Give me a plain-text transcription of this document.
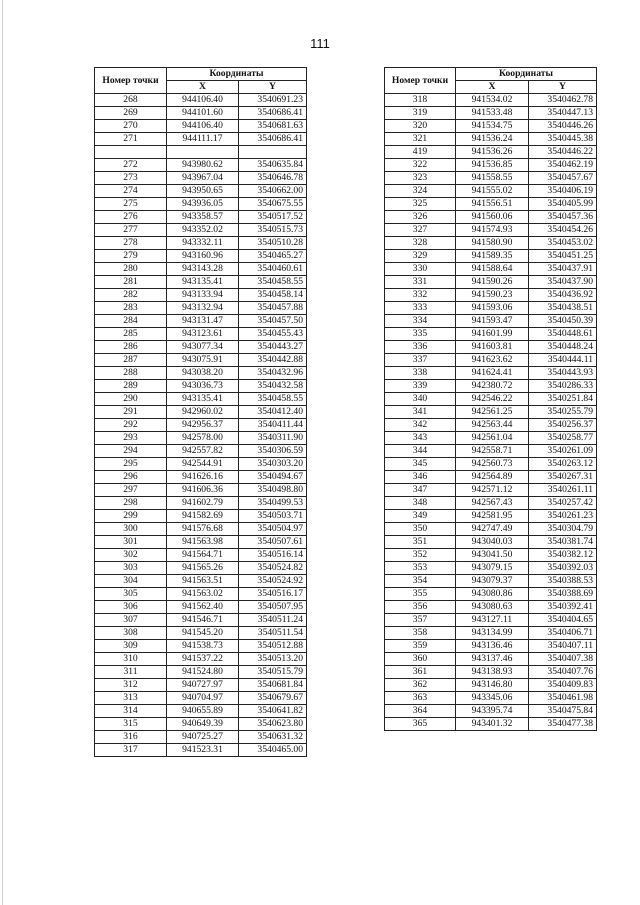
111
Номер точки	Координаты	
	X	Y
268	944106.40	3540691.23
269	944101.60	3540686.41
270	944106.40	3540681.63
271	944111.17	3540686.41

272	943980.62	3540635.84
273	943967.04	3540646.78
274	943950.65	3540662.00
275	943936.05	3540675.55
276	943358.57	3540517.52
277	943352.02	3540515.73
278	943332.11	3540510.28
279	943160.96	3540465.27
280	943143.28	3540460.61
281	943135.41	3540458.55
282	943133.94	3540458.14
283	943132.94	3540457.88
284	943131.47	3540457.50
285	943123.61	3540455.43
286	943077.34	3540443.27
287	943075.91	3540442.88
288	943038.20	3540432.96
289	943036.73	3540432.58
290	943135.41	3540458.55
291	942960.02	3540412.40
292	942956.37	3540411.44
293	942578.00	3540311.90
294	942557.82	3540306.59
295	942544.91	3540303.20
296	941626.16	3540494.67
297	941606.36	3540498.80
298	941602.79	3540499.53
299	941582.69	3540503.71
300	941576.68	3540504.97
301	941563.98	3540507.61
302	941564.71	3540516.14
303	941565.26	3540524.82
304	941563.51	3540524.92
305	941563.02	3540516.17
306	941562.40	3540507.95
307	941546.71	3540511.24
308	941545.20	3540511.54
309	941538.73	3540512.88
310	941537.22	3540513.20
311	941524.80	3540515.79
312	940727.97	3540681.84
313	940704.97	3540679.67
314	940655.89	3540641.82
315	940649.39	3540623.80
316	940725.27	3540631.32
317	941523.31	3540465.00
Номер точки	Координаты	
	X	Y
318	941534.02	3540462.78
319	941533.48	3540447.13
320	941534.75	3540446.26
321	941536.24	3540445.38
419	941536.26	3540446.22
322	941536.85	3540462.19
323	941558.55	3540457.67
324	941555.02	3540406.19
325	941556.51	3540405.99
326	941560.06	3540457.36
327	941574.93	3540454.26
328	941580.90	3540453.02
329	941589.35	3540451.25
330	941588.64	3540437.91
331	941590.26	3540437.90
332	941590.23	3540436.92
333	941593.06	3540438.51
334	941593.47	3540450.39
335	941601.99	3540448.61
336	941603.81	3540448.24
337	941623.62	3540444.11
338	941624.41	3540443.93
339	942380.72	3540286.33
340	942546.22	3540251.84
341	942561.25	3540255.79
342	942563.44	3540256.37
343	942561.04	3540258.77
344	942558.71	3540261.09
345	942560.73	3540263.12
346	942564.89	3540267.31
347	942571.12	3540261.11
348	942567.43	3540257.42
349	942581.95	3540261.23
350	942747.49	3540304.79
351	943040.03	3540381.74
352	943041.50	3540382.12
353	943079.15	3540392.03
354	943079.37	3540388.53
355	943080.86	3540388.69
356	943080.63	3540392.41
357	943127.11	3540404.65
358	943134.99	3540406.71
359	943136.46	3540407.11
360	943137.46	3540407.38
361	943138.93	3540407.76
362	943146.80	3540409.83
363	943345.06	3540461.98
364	943395.74	3540475.84
365	943401.32	3540477.38
